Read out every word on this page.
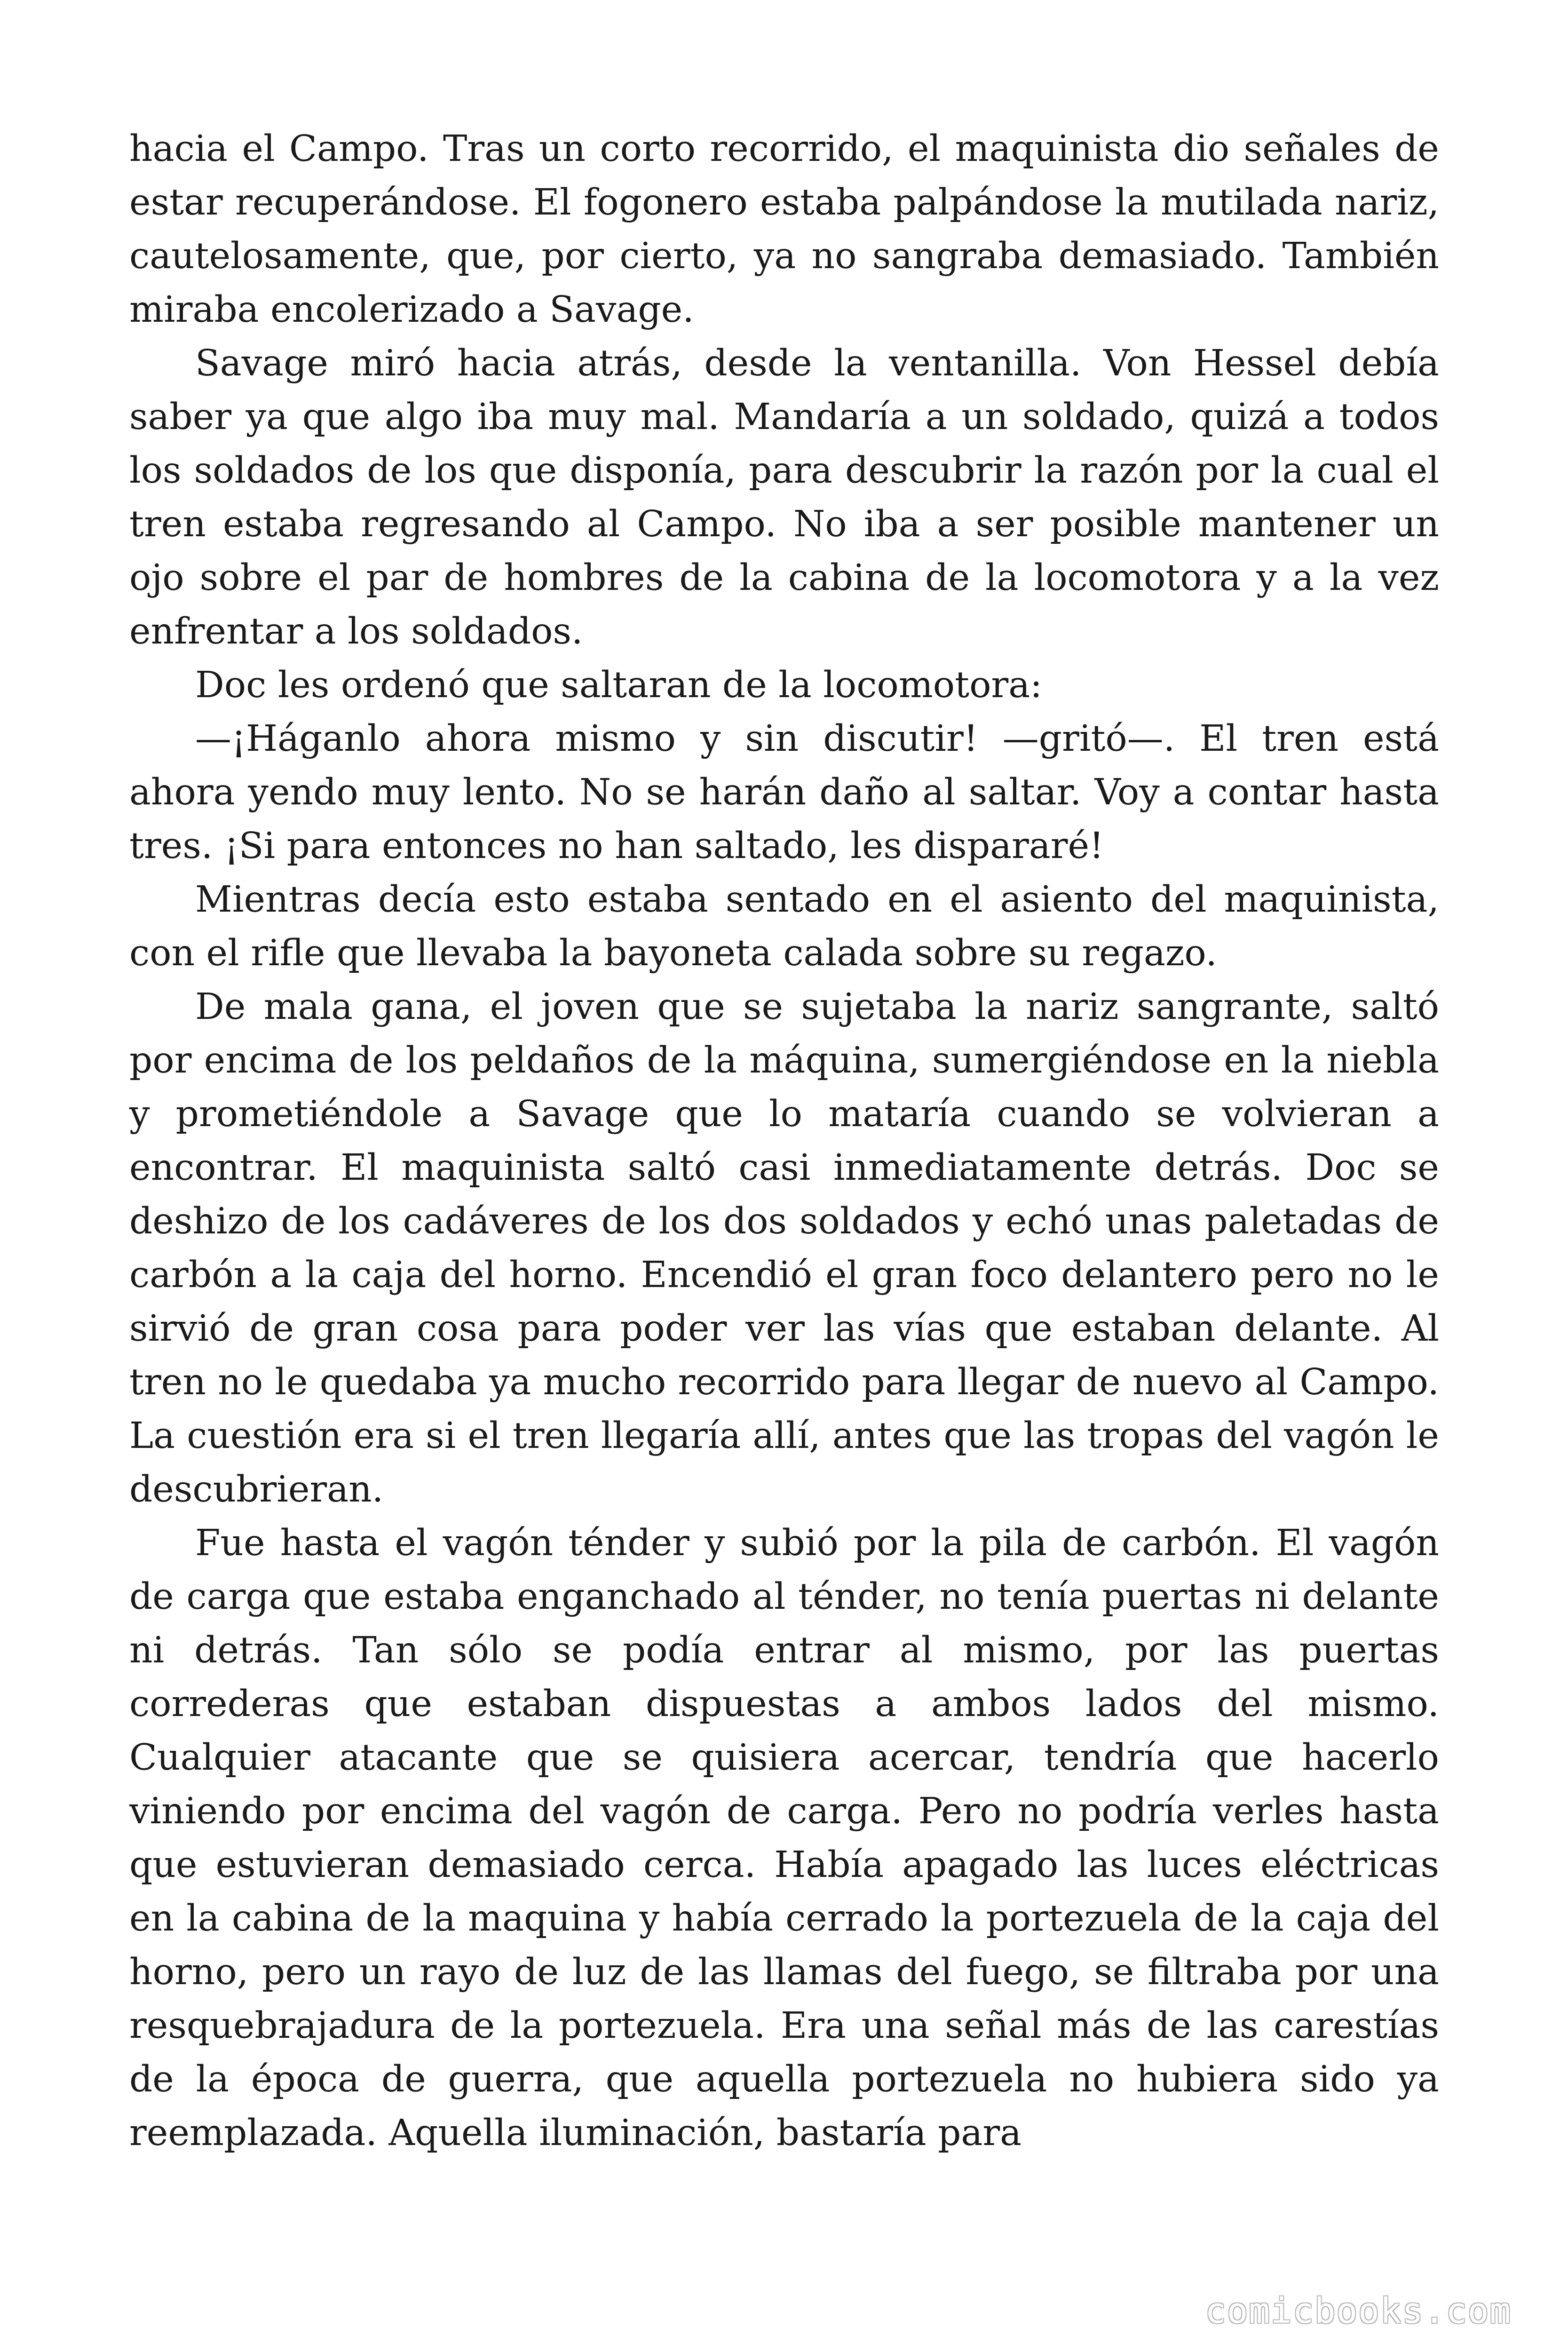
hacia el Campo. Tras un corto recorrido, el maquinista dio señales de estar recuperándose. El fogonero estaba palpándose la mutilada nariz, cautelosamente, que, por cierto, ya no sangraba demasiado. También miraba encolerizado a Savage.

Savage miró hacia atrás, desde la ventanilla. Von Hessel debía saber ya que algo iba muy mal. Mandaría a un soldado, quizá a todos los soldados de los que disponía, para descubrir la razón por la cual el tren estaba regresando al Campo. No iba a ser posible mantener un ojo sobre el par de hombres de la cabina de la locomotora y a la vez enfrentar a los soldados.

Doc les ordenó que saltaran de la locomotora:

—¡Háganlo ahora mismo y sin discutir! —gritó—. El tren está ahora yendo muy lento. No se harán daño al saltar. Voy a contar hasta tres. ¡Si para entonces no han saltado, les dispararé!

Mientras decía esto estaba sentado en el asiento del maquinista, con el rifle que llevaba la bayoneta calada sobre su regazo.

De mala gana, el joven que se sujetaba la nariz sangrante, saltó por encima de los peldaños de la máquina, sumergiéndose en la niebla y prometiéndole a Savage que lo mataría cuando se volvieran a encontrar. El maquinista saltó casi inmediatamente detrás. Doc se deshizo de los cadáveres de los dos soldados y echó unas paletadas de carbón a la caja del horno. Encendió el gran foco delantero pero no le sirvió de gran cosa para poder ver las vías que estaban delante. Al tren no le quedaba ya mucho recorrido para llegar de nuevo al Campo. La cuestión era si el tren llegaría allí, antes que las tropas del vagón le descubrieran.

Fue hasta el vagón ténder y subió por la pila de carbón. El vagón de carga que estaba enganchado al ténder, no tenía puertas ni delante ni detrás. Tan sólo se podía entrar al mismo, por las puertas correderas que estaban dispuestas a ambos lados del mismo. Cualquier atacante que se quisiera acercar, tendría que hacerlo viniendo por encima del vagón de carga. Pero no podría verles hasta que estuvieran demasiado cerca. Había apagado las luces eléctricas en la cabina de la maquina y había cerrado la portezuela de la caja del horno, pero un rayo de luz de las llamas del fuego, se filtraba por una resquebrajadura de la portezuela. Era una señal más de las carestías de la época de guerra, que aquella portezuela no hubiera sido ya reemplazada. Aquella iluminación, bastaría para

comicbooks.com
